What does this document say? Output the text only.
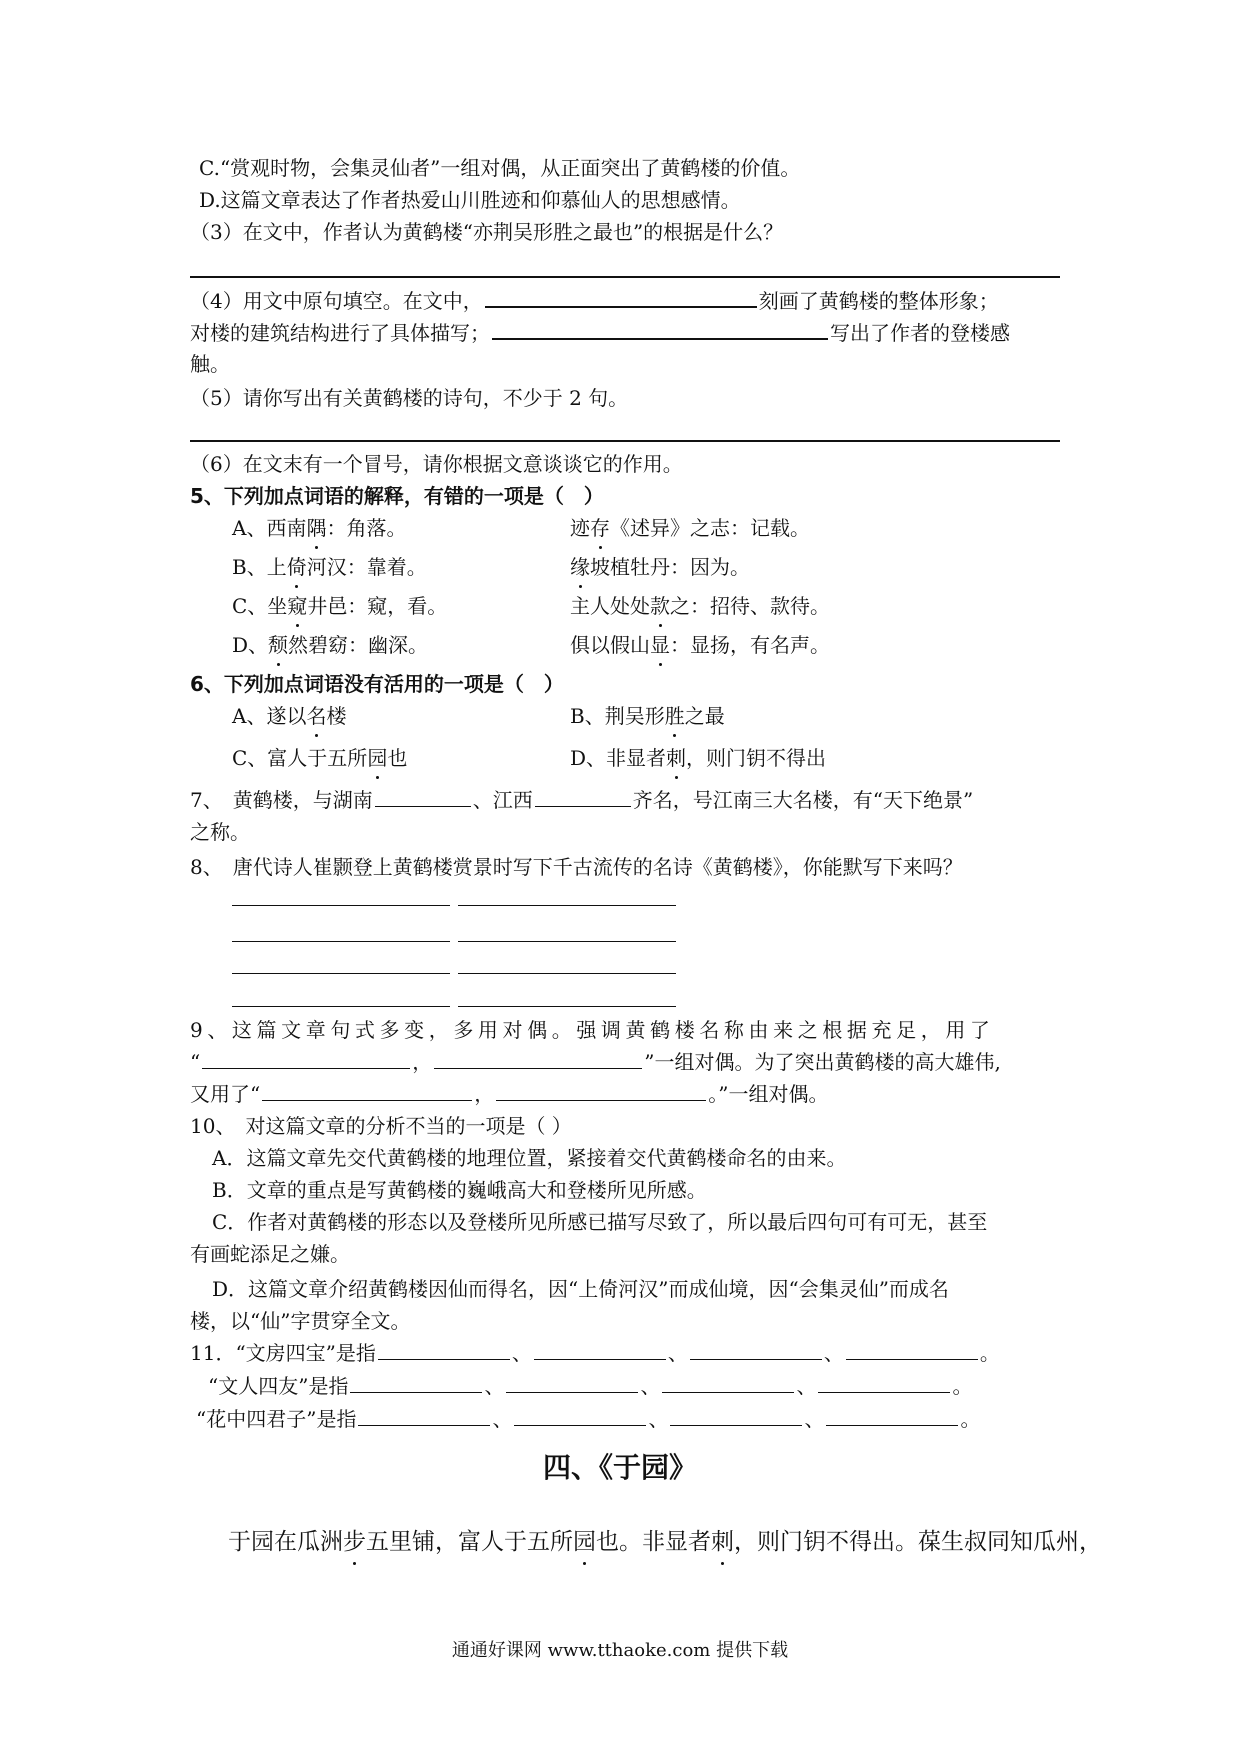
C.“赏观时物，会集灵仙者”一组对偶，从正面突出了黄鹤楼的价值。
D.这篇文章表达了作者热爱山川胜迹和仰慕仙人的思想感情。
（3）在文中，作者认为黄鹤楼“亦荆吴形胜之最也”的根据是什么？
（4）用文中原句填空。在文中，	刻画了黄鹤楼的整体形象；
对楼的建筑结构进行了具体描写；	写出了作者的登楼感
触。
（5）请你写出有关黄鹤楼的诗句，不少于 2 句。
（6）在文末有一个冒号，请你根据文意谈谈它的作用。
5、下列加点词语的解释，有错的一项是（　）
A、西南隅：角落。	迹存《述异》之志：记载。
B、上倚河汉：靠着。	缘坡植牡丹：因为。
C、坐窥井邑：窥，看。	主人处处款之：招待、款待。
D、颓然碧窈：幽深。	俱以假山显：显扬，有名声。
6、下列加点词语没有活用的一项是（　）
A、遂以名楼	B、荆吴形胜之最
C、富人于五所园也	D、非显者刺，则门钥不得出
7、　黄鹤楼，与湖南	、江西	齐名，号江南三大名楼，有“天下绝景”
之称。
8、　唐代诗人崔颢登上黄鹤楼赏景时写下千古流传的名诗《黄鹤楼》，你能默写下来吗？
9、这篇文章句式多变，多用对偶。强调黄鹤楼名称由来之根据充足，用了
“	，	”一组对偶。为了突出黄鹤楼的高大雄伟,
又用了“	，	。”一组对偶。
10、　对这篇文章的分析不当的一项是（ ）
A．这篇文章先交代黄鹤楼的地理位置，紧接着交代黄鹤楼命名的由来。
B．文章的重点是写黄鹤楼的巍峨高大和登楼所见所感。
C．作者对黄鹤楼的形态以及登楼所见所感已描写尽致了，所以最后四句可有可无，甚至
有画蛇添足之嫌。
D．这篇文章介绍黄鹤楼因仙而得名，因“上倚河汉”而成仙境，因“会集灵仙”而成名
楼，以“仙”字贯穿全文。
11．“文房四宝”是指	、	、	、	。
“文人四友”是指	、	、	、	。
“花中四君子”是指	、	、	、	。
四、《于园》
于园在瓜洲步五里铺，富人于五所园也。非显者刺，则门钥不得出。葆生叔同知瓜州，
通通好课网 www.tthaoke.com 提供下载
